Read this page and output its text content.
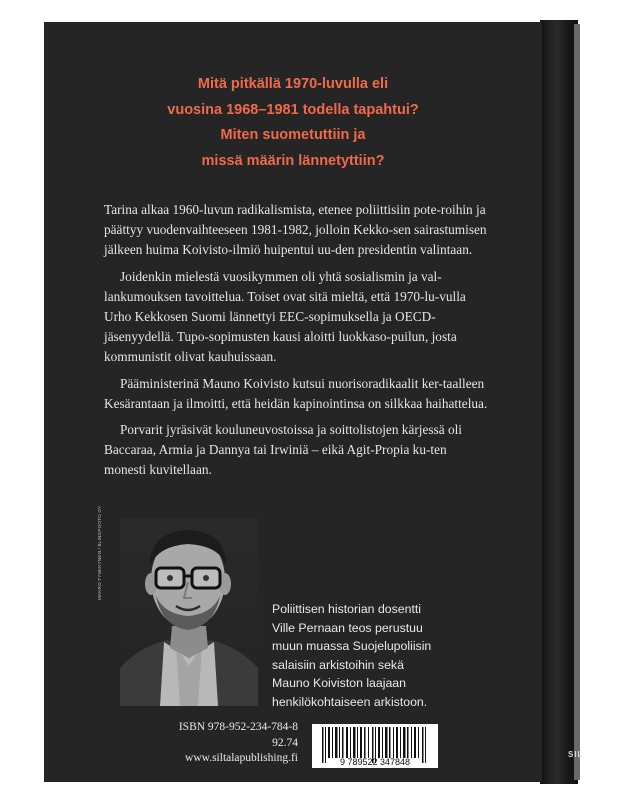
SIL
Mitä pitkällä 1970-luvulla eli
vuosina 1968–1981 todella tapahtui?
Miten suometuttiin ja
missä määrin lännetyttiin?

Tarina alkaa 1960-luvun radikalismista, etenee poliittisiin pote-roihin ja päättyy vuodenvaihteeseen 1981-1982, jolloin Kekko-sen sairastumisen jälkeen huima Koivisto-ilmiö huipentui uu-den presidentin valintaan.

Joidenkin mielestä vuosikymmen oli yhtä sosialismin ja val-lankumouksen tavoittelua. Toiset ovat sitä mieltä, että 1970-lu-vulla Urho Kekkosen Suomi lännettyi EEC-sopimuksella ja OECD-jäsenyydellä. Tupo-sopimusten kausi aloitti luokkaso-puilun, josta kommunistit olivat kauhuissaan.

Pääministerinä Mauno Koivisto kutsui nuorisoradikaalit ker-taalleen Kesärantaan ja ilmoitti, että heidän kapinointinsa on silkkaa haihattelua.

Porvarit jyräsivät kouluneuvostoissa ja soittolistojen kärjessä oli Baccaraa, Armia ja Dannya tai Irwiniä – eikä Agit-Propia ku-ten monesti kuvitellaan.

MAKRO TYNKKYNEN / BLINGPOOTO OY
Poliittisen historian dosentti
Ville Pernaan teos perustuu
muun muassa Suojelupoliisin
salaisiin arkistoihin sekä
Mauno Koiviston laajaan
henkilökohtaiseen arkistoon.
ISBN 978-952-234-784-8
92.74
www.siltalapublishing.fi	9 789522 347848
